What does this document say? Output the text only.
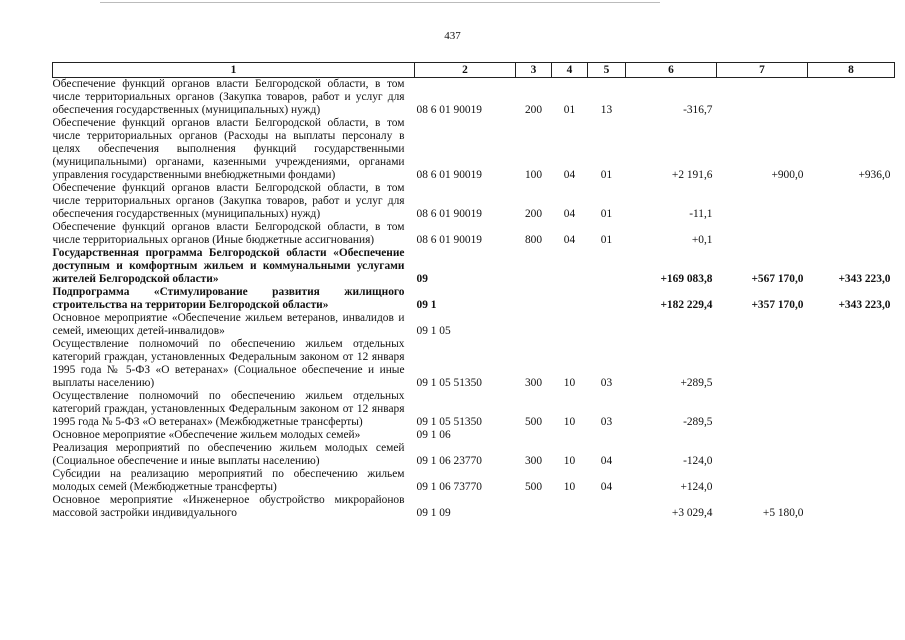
437
1	2	3	4	5	6	7	8
Обеспечение функций органов власти Белгородской области, в том числе территориальных органов (Закупка товаров, работ и услуг для обеспечения государственных (муниципальных) нужд)	08 6 01 90019	200	01	13	-316,7		
Обеспечение функций органов власти Белгородской области, в том числе территориальных органов (Расходы на выплаты персоналу в целях обеспечения выполнения функций государственными (муниципальными) органами, казенными учреждениями, органами управления государственными внебюджетными фондами)	08 6 01 90019	100	04	01	+2 191,6	+900,0	+936,0
Обеспечение функций органов власти Белгородской области, в том числе территориальных органов (Закупка товаров, работ и услуг для обеспечения государственных (муниципальных) нужд)	08 6 01 90019	200	04	01	-11,1		
Обеспечение функций органов власти Белгородской области, в том числе территориальных органов (Иные бюджетные ассигнования)	08 6 01 90019	800	04	01	+0,1		
Государственная программа Белгородской области «Обеспечение доступным и комфортным жильем и коммунальными услугами жителей Белгородской области»	09				+169 083,8	+567 170,0	+343 223,0
Подпрограмма «Стимулирование развития жилищного строительства на территории Белгородской области»	09 1				+182 229,4	+357 170,0	+343 223,0
Основное мероприятие «Обеспечение жильем ветеранов, инвалидов и семей, имеющих детей-инвалидов»	09 1 05						
Осуществление полномочий по обеспечению жильем отдельных категорий граждан, установленных Федеральным законом от 12 января 1995 года № 5-ФЗ «О ветеранах» (Социальное обеспечение и иные выплаты населению)	09 1 05 51350	300	10	03	+289,5		
Осуществление полномочий по обеспечению жильем отдельных категорий граждан, установленных Федеральным законом от 12 января 1995 года № 5-ФЗ «О ветеранах» (Межбюджетные трансферты)	09 1 05 51350	500	10	03	-289,5		
Основное мероприятие «Обеспечение жильем молодых семей»	09 1 06						
Реализация мероприятий по обеспечению жильем молодых семей (Социальное обеспечение и иные выплаты населению)	09 1 06 23770	300	10	04	-124,0		
Субсидии на реализацию мероприятий по обеспечению жильем молодых семей (Межбюджетные трансферты)	09 1 06 73770	500	10	04	+124,0		
Основное мероприятие «Инженерное обустройство микрорайонов массовой застройки индивидуального	09 1 09				+3 029,4	+5 180,0	
